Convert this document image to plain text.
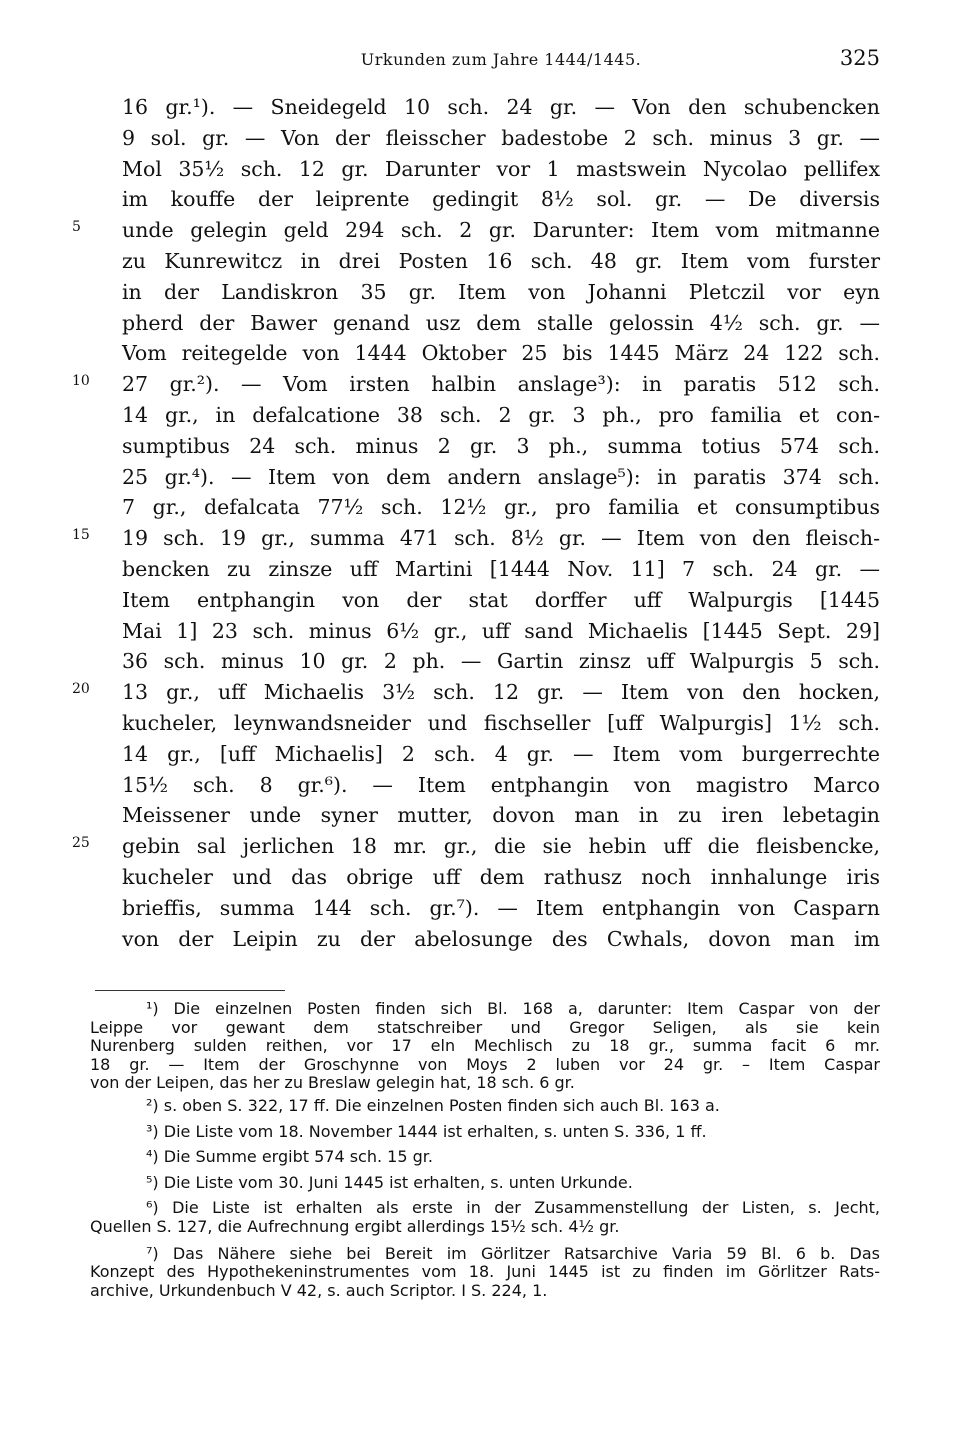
Urkunden zum Jahre 1444/1445.	325
16 gr.¹). — Sneidegeld 10 sch. 24 gr. — Von den schubencken
9 sol. gr. — Von der fleisscher badestobe 2 sch. minus 3 gr. —
Mol 35½ sch. 12 gr. Darunter vor 1 mastswein Nycolao pellifex
im kouffe der leiprente gedingit 8½ sol. gr. — De diversis
5	unde gelegin geld 294 sch. 2 gr. Darunter: Item vom mitmanne
zu Kunrewitcz in drei Posten 16 sch. 48 gr. Item vom furster
in der Landiskron 35 gr. Item von Johanni Pletczil vor eyn
pherd der Bawer genand usz dem stalle gelossin 4½ sch. gr. —
Vom reitegelde von 1444 Oktober 25 bis 1445 März 24 122 sch.
10	27 gr.²). — Vom irsten halbin anslage³): in paratis 512 sch.
14 gr., in defalcatione 38 sch. 2 gr. 3 ph., pro familia et con-
sumptibus 24 sch. minus 2 gr. 3 ph., summa totius 574 sch.
25 gr.⁴). — Item von dem andern anslage⁵): in paratis 374 sch.
7 gr., defalcata 77½ sch. 12½ gr., pro familia et consumptibus
15	19 sch. 19 gr., summa 471 sch. 8½ gr. — Item von den fleisch-
bencken zu zinsze uff Martini [1444 Nov. 11] 7 sch. 24 gr. —
Item entphangin von der stat dorffer uff Walpurgis [1445
Mai 1] 23 sch. minus 6½ gr., uff sand Michaelis [1445 Sept. 29]
36 sch. minus 10 gr. 2 ph. — Gartin zinsz uff Walpurgis 5 sch.
20	13 gr., uff Michaelis 3½ sch. 12 gr. — Item von den hocken,
kucheler, leynwandsneider und fischseller [uff Walpurgis] 1½ sch.
14 gr., [uff Michaelis] 2 sch. 4 gr. — Item vom burgerrechte
15½ sch. 8 gr.⁶). — Item entphangin von magistro Marco
Meissener unde syner mutter, dovon man in zu iren lebetagin
25	gebin sal jerlichen 18 mr. gr., die sie hebin uff die fleisbencke,
kucheler und das obrige uff dem rathusz noch innhalunge iris
brieffis, summa 144 sch. gr.⁷). — Item entphangin von Casparn
von der Leipin zu der abelosunge des Cwhals, dovon man im
¹) Die einzelnen Posten finden sich Bl. 168 a, darunter: Item Caspar von der
Leippe vor gewant dem statschreiber und Gregor Seligen, als sie kein
Nurenberg sulden reithen, vor 17 eln Mechlisch zu 18 gr., summa facit 6 mr.
18 gr. — Item der Groschynne von Moys 2 luben vor 24 gr. – Item Caspar
von der Leipen, das her zu Breslaw gelegin hat, 18 sch. 6 gr.
²) s. oben S. 322, 17 ff. Die einzelnen Posten finden sich auch Bl. 163 a.
³) Die Liste vom 18. November 1444 ist erhalten, s. unten S. 336, 1 ff.
⁴) Die Summe ergibt 574 sch. 15 gr.
⁵) Die Liste vom 30. Juni 1445 ist erhalten, s. unten Urkunde.
⁶) Die Liste ist erhalten als erste in der Zusammenstellung der Listen, s. Jecht,
Quellen S. 127, die Aufrechnung ergibt allerdings 15½ sch. 4½ gr.
⁷) Das Nähere siehe bei Bereit im Görlitzer Ratsarchive Varia 59 Bl. 6 b. Das
Konzept des Hypothekeninstrumentes vom 18. Juni 1445 ist zu finden im Görlitzer Rats-
archive, Urkundenbuch V 42, s. auch Scriptor. I S. 224, 1.
